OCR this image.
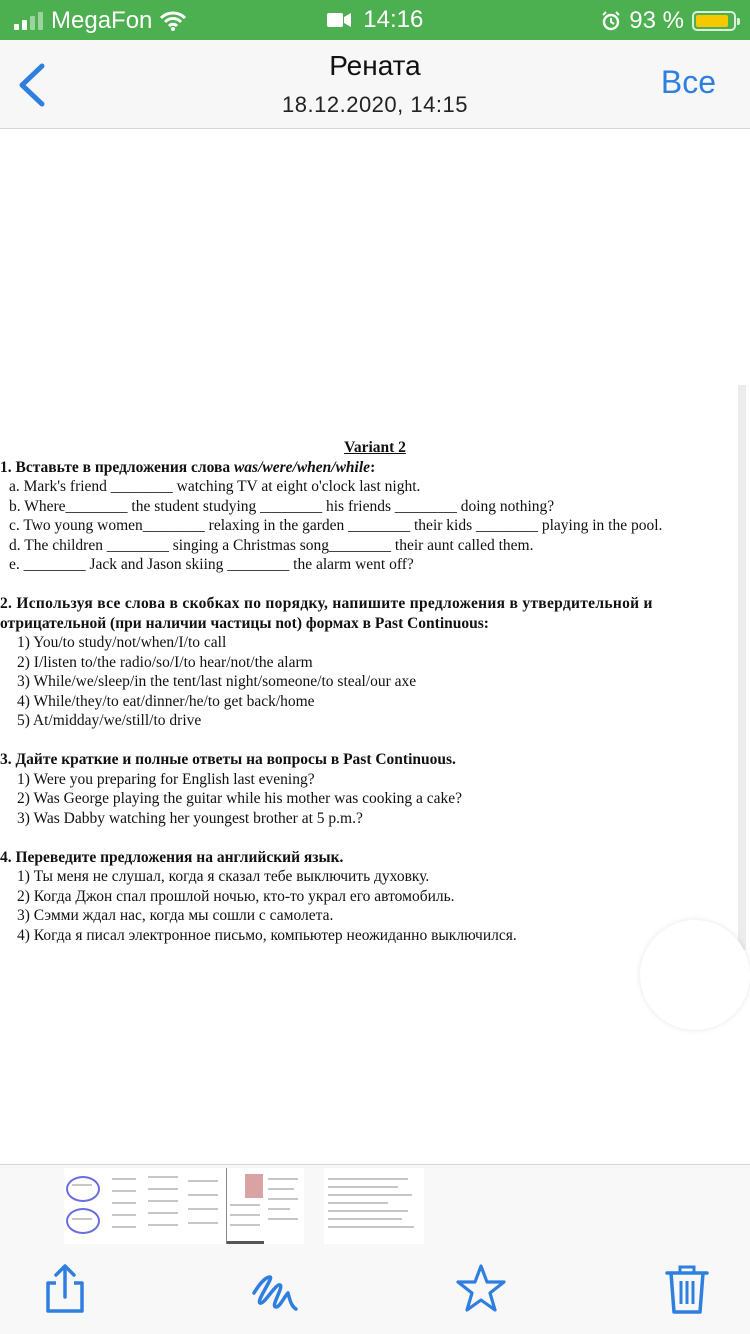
MegaFon	14:16	93 %
Рената
18.12.2020, 14:15
Все

Variant 2

1. Вставьте в предложения слова was/were/when/while:

a. Mark's friend ________ watching TV at eight o'clock last night.

b. Where________ the student studying ________ his friends ________ doing nothing?

c. Two young women________ relaxing in the garden ________ their kids ________ playing in the pool.

d. The children ________ singing a Christmas song________ their aunt called them.

e. ________ Jack and Jason skiing ________ the alarm went off?

2. Используя все слова в скобках по порядку, напишите предложения в утвердительной и

отрицательной (при наличии частицы not) формах в Past Continuous:

1) You/to study/not/when/I/to call

2) I/listen to/the radio/so/I/to hear/not/the alarm

3) While/we/sleep/in the tent/last night/someone/to steal/our axe

4) While/they/to eat/dinner/he/to get back/home

5) At/midday/we/still/to drive

3. Дайте краткие и полные ответы на вопросы в Past Continuous.

1) Were you preparing for English last evening?

2) Was George playing the guitar while his mother was cooking a cake?

3) Was Dabby watching her youngest brother at 5 p.m.?

4. Переведите предложения на английский язык.

1) Ты меня не слушал, когда я сказал тебе выключить духовку.

2) Когда Джон спал прошлой ночью, кто-то украл его автомобиль.

3) Сэмми ждал нас, когда мы сошли с самолета.

4) Когда я писал электронное письмо, компьютер неожиданно выключился.
